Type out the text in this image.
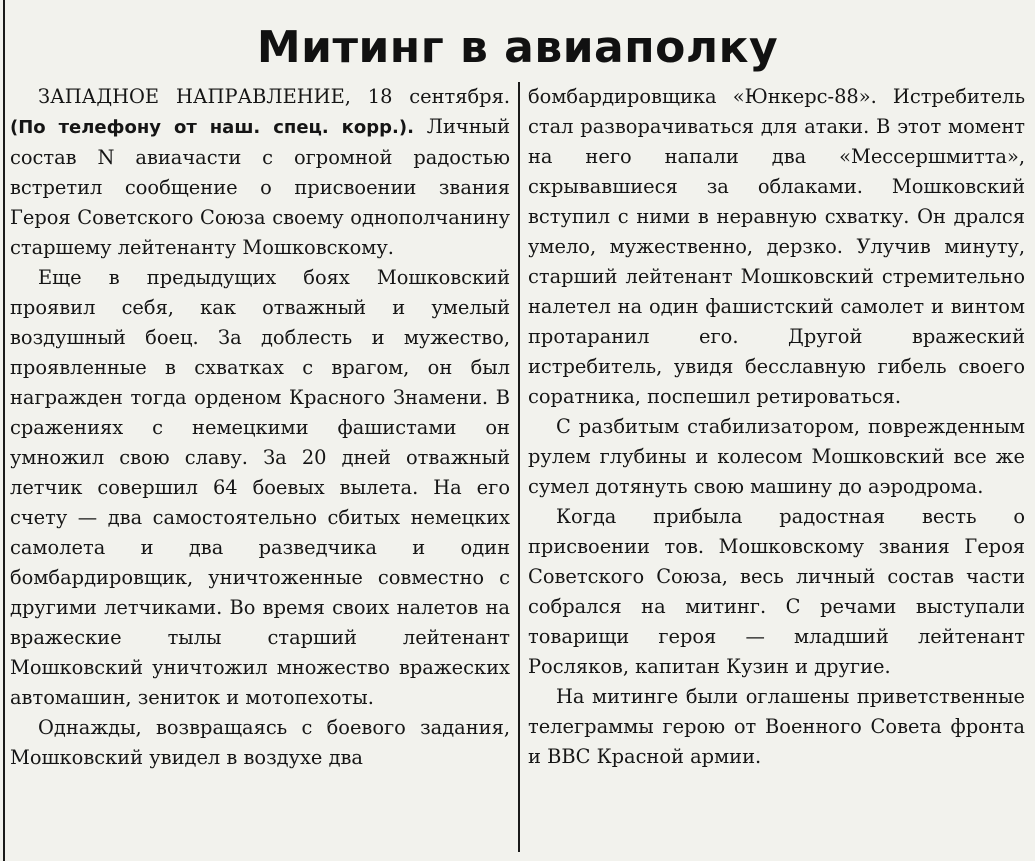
Митинг в авиаполку

ЗАПАДНОЕ НАПРАВЛЕНИЕ, 18 сентября. (По телефону от наш. спец. корр.). Личный состав N авиачасти с огромной радостью встретил сообщение о присвоении звания Героя Советского Союза своему однополчанину старшему лейтенанту Мошковскому.

Еще в предыдущих боях Мошковский проявил себя, как отважный и умелый воздушный боец. За доблесть и мужество, проявленные в схватках с врагом, он был награжден тогда орденом Красного Знамени. В сражениях с немецкими фашистами он умножил свою славу. За 20 дней отважный летчик совершил 64 боевых вылета. На его счету — два самостоятельно сбитых немецких самолета и два разведчика и один бомбардировщик, уничтоженные совместно с другими летчиками. Во время своих налетов на вражеские тылы старший лейтенант Мошковский уничтожил множество вражеских автомашин, зениток и мотопехоты.

Однажды, возвращаясь с боевого задания, Мошковский увидел в воздухе два

бомбардировщика «Юнкерс-88». Истребитель стал разворачиваться для атаки. В этот момент на него напали два «Мессершмитта», скрывавшиеся за облаками. Мошковский вступил с ними в неравную схватку. Он дрался умело, мужественно, дерзко. Улучив минуту, старший лейтенант Мошковский стремительно налетел на один фашистский самолет и винтом протаранил его. Другой вражеский истребитель, увидя бесславную гибель своего соратника, поспешил ретироваться.

С разбитым стабилизатором, поврежденным рулем глубины и колесом Мошковский все же сумел дотянуть свою машину до аэродрома.

Когда прибыла радостная весть о присвоении тов. Мошковскому звания Героя Советского Союза, весь личный состав части собрался на митинг. С речами выступали товарищи героя — младший лейтенант Росляков, капитан Кузин и другие.

На митинге были оглашены приветственные телеграммы герою от Военного Совета фронта и ВВС Красной армии.
